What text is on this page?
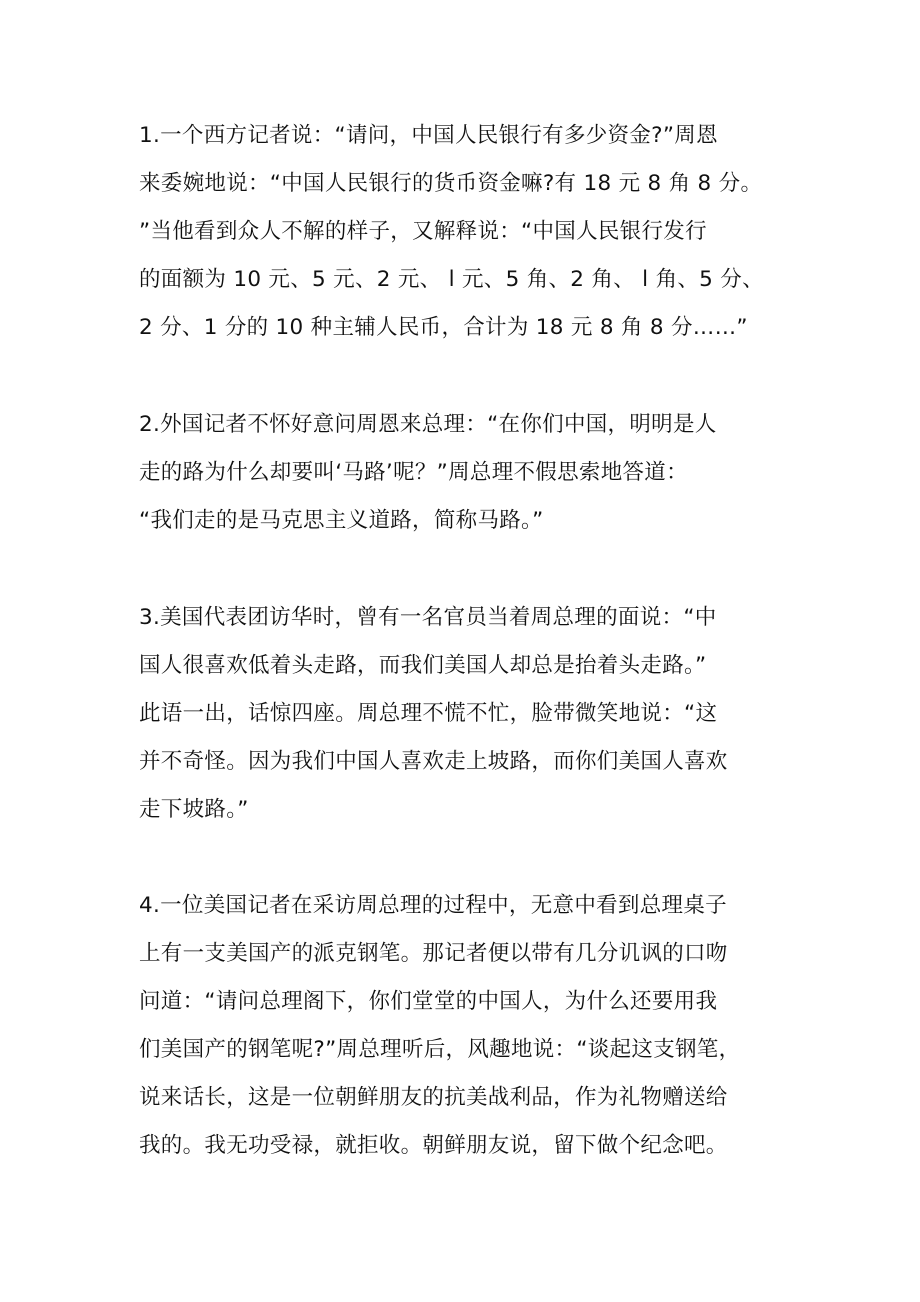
1.一个西方记者说：“请问，中国人民银行有多少资金?”周恩
来委婉地说：“中国人民银行的货币资金嘛?有 18 元 8 角 8 分。
”当他看到众人不解的样子，又解释说：“中国人民银行发行
的面额为 10 元、5 元、2 元、 l 元、5 角、2 角、 l 角、5 分、
2 分、1 分的 10 种主辅人民币，合计为 18 元 8 角 8 分……”
2.外国记者不怀好意问周恩来总理：“在你们中国，明明是人
走的路为什么却要叫‘马路’呢？”周总理不假思索地答道：
“我们走的是马克思主义道路，简称马路。”
3.美国代表团访华时，曾有一名官员当着周总理的面说：“中
国人很喜欢低着头走路，而我们美国人却总是抬着头走路。”
此语一出，话惊四座。周总理不慌不忙，脸带微笑地说：“这
并不奇怪。因为我们中国人喜欢走上坡路，而你们美国人喜欢
走下坡路。”
4.一位美国记者在采访周总理的过程中，无意中看到总理桌子
上有一支美国产的派克钢笔。那记者便以带有几分讥讽的口吻
问道：“请问总理阁下，你们堂堂的中国人，为什么还要用我
们美国产的钢笔呢?”周总理听后，风趣地说：“谈起这支钢笔，
说来话长，这是一位朝鲜朋友的抗美战利品，作为礼物赠送给
我的。我无功受禄，就拒收。朝鲜朋友说，留下做个纪念吧。
